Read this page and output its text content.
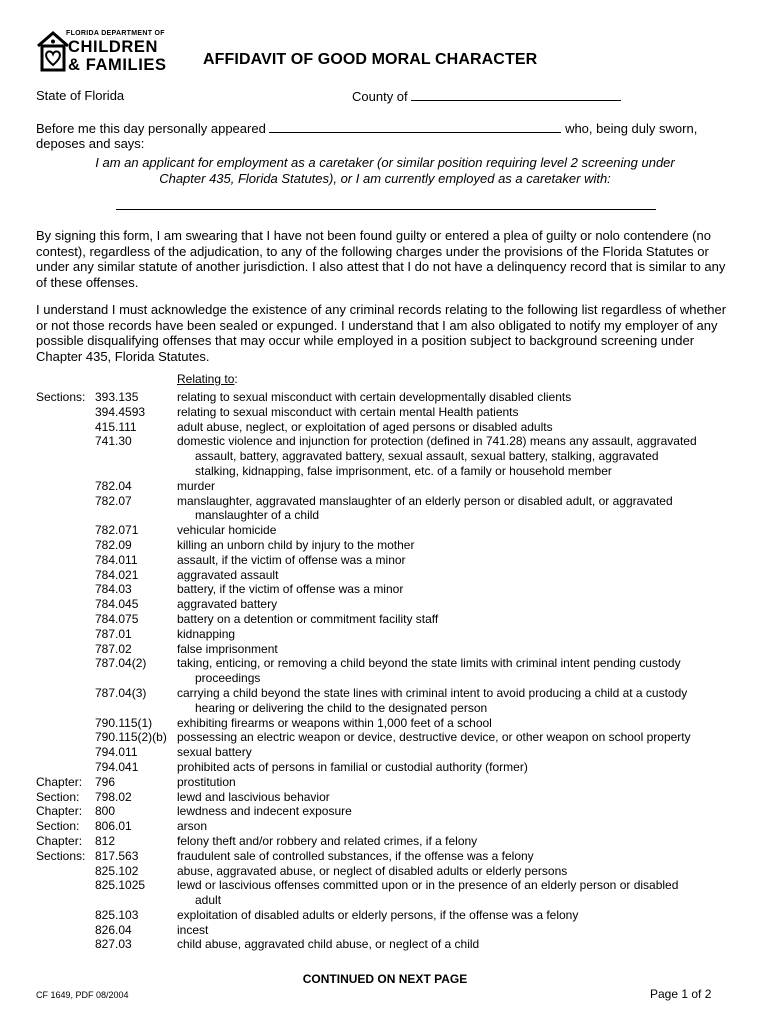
FLORIDA DEPARTMENT OF
CHILDREN
& FAMILIES AFFIDAVIT OF GOOD MORAL CHARACTER
State of Florida	County of
Before me this day personally appeared	who, being duly sworn,
deposes and says:
I am an applicant for employment as a caretaker (or similar position requiring level 2 screening under
Chapter 435, Florida Statutes), or I am currently employed as a caretaker with:
By signing this form, I am swearing that I have not been found guilty or entered a plea of guilty or nolo contendere (no contest), regardless of the adjudication, to any of the following charges under the provisions of the Florida Statutes or under any similar statute of another jurisdiction. I also attest that I do not have a delinquency record that is similar to any of these offenses.
I understand I must acknowledge the existence of any criminal records relating to the following list regardless of whether or not those records have been sealed or expunged. I understand that I am also obligated to notify my employer of any possible disqualifying offenses that may occur while employed in a position subject to background screening under Chapter 435, Florida Statutes.
Relating to:
Sections: 393.135	relating to sexual misconduct with certain developmentally disabled clients
394.4593	relating to sexual misconduct with certain mental Health patients
415.111	adult abuse, neglect, or exploitation of aged persons or disabled adults
741.30	domestic violence and injunction for protection (defined in 741.28) means any assault, aggravated
assault, battery, aggravated battery, sexual assault, sexual battery, stalking, aggravated
stalking, kidnapping, false imprisonment, etc. of a family or household member
782.04	murder
782.07	manslaughter, aggravated manslaughter of an elderly person or disabled adult, or aggravated
manslaughter of a child
782.071	vehicular homicide
782.09	killing an unborn child by injury to the mother
784.011	assault, if the victim of offense was a minor
784.021	aggravated assault
784.03	battery, if the victim of offense was a minor
784.045	aggravated battery
784.075	battery on a detention or commitment facility staff
787.01	kidnapping
787.02	false imprisonment
787.04(2)	taking, enticing, or removing a child beyond the state limits with criminal intent pending custody
proceedings
787.04(3)	carrying a child beyond the state lines with criminal intent to avoid producing a child at a custody
hearing or delivering the child to the designated person
790.115(1) exhibiting firearms or weapons within 1,000 feet of a school
790.115(2)(b) possessing an electric weapon or device, destructive device, or other weapon on school property
794.011	sexual battery
794.041	prohibited acts of persons in familial or custodial authority (former)
Chapter: 796	prostitution
Section: 798.02	lewd and lascivious behavior
Chapter: 800	lewdness and indecent exposure
Section: 806.01	arson
Chapter: 812	felony theft and/or robbery and related crimes, if a felony
Sections: 817.563	fraudulent sale of controlled substances, if the offense was a felony
825.102	abuse, aggravated abuse, or neglect of disabled adults or elderly persons
825.1025	lewd or lascivious offenses committed upon or in the presence of an elderly person or disabled
adult
825.103	exploitation of disabled adults or elderly persons, if the offense was a felony
826.04	incest
827.03	child abuse, aggravated child abuse, or neglect of a child
CONTINUED ON NEXT PAGE
CF 1649, PDF 08/2004	Page 1 of 2
